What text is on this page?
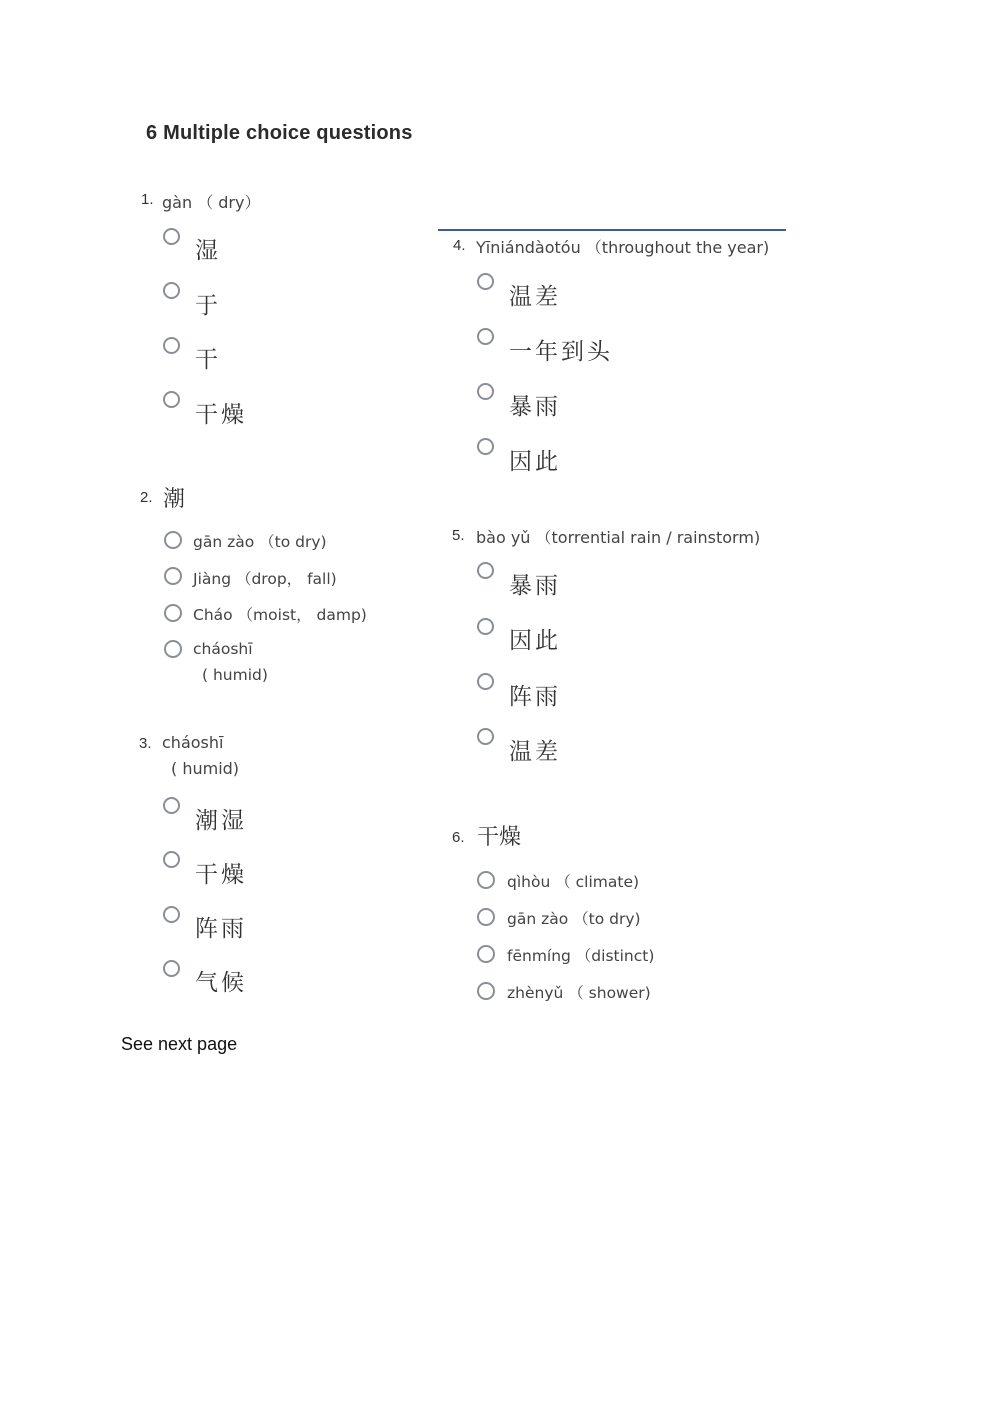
6 Multiple choice questions
1. gàn （ dry）
湿
于
干
干燥
2. 潮
gān zào （to dry)
Jiàng （drop， fall)
Cháo （moist， damp)
cháoshī
( humid)
3. cháoshī
( humid)
潮湿
干燥
阵雨
气候
4. Yīniándàotóu （throughout the year)
温差
一年到头
暴雨
因此
5. bào yǔ （torrential rain / rainstorm)
暴雨
因此
阵雨
温差
6. 干燥
qìhòu （ climate)
gān zào （to dry)
fēnmíng （distinct)
zhènyǔ （ shower)
See next page
